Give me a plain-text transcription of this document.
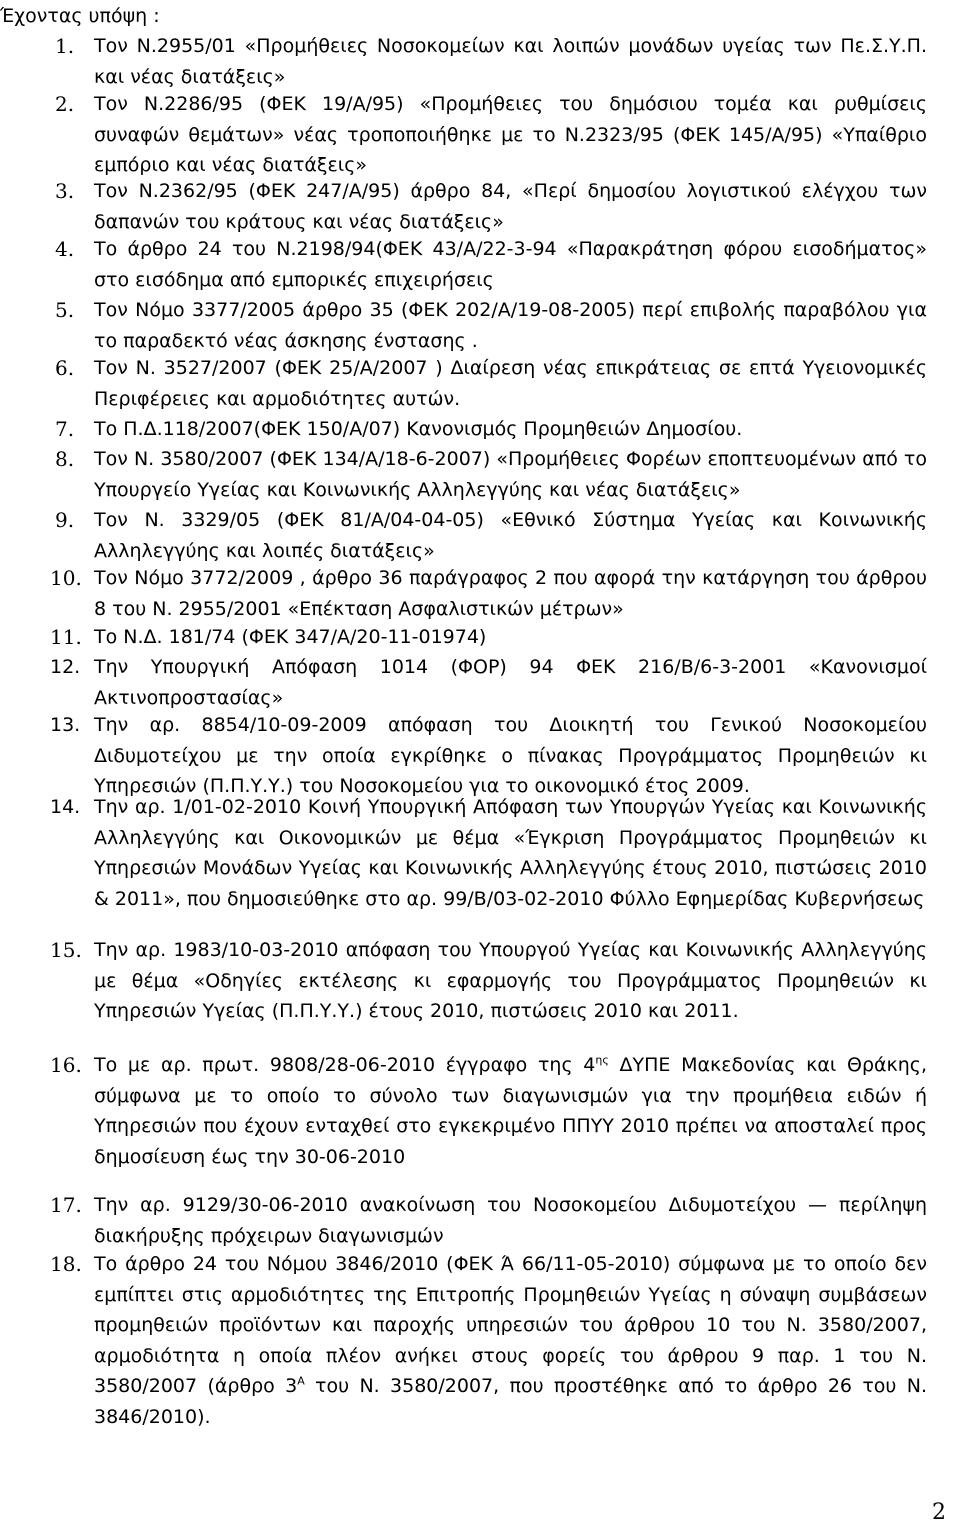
Έχοντας υπόψη :

1.	Τον Ν.2955/01 «Προμήθειες Νοσοκομείων και λοιπών μονάδων υγείας των Πε.Σ.Υ.Π. και νέας διατάξεις»

2.	Τον Ν.2286/95 (ΦΕΚ 19/Α/95) «Προμήθειες του δημόσιου τομέα και ρυθμίσεις συναφών θεμάτων» νέας τροποποιήθηκε με το Ν.2323/95 (ΦΕΚ 145/Α/95) «Υπαίθριο εμπόριο και νέας διατάξεις»

3.	Τον Ν.2362/95 (ΦΕΚ 247/Α/95) άρθρο 84, «Περί δημοσίου λογιστικού ελέγχου των δαπανών του κράτους και νέας διατάξεις»

4.	Το άρθρο 24 του Ν.2198/94(ΦΕΚ 43/Α/22-3-94 «Παρακράτηση φόρου εισοδήματος» στο εισόδημα από εμπορικές επιχειρήσεις

5.	Τον Νόμο 3377/2005 άρθρο 35 (ΦΕΚ 202/Α/19-08-2005) περί επιβολής παραβόλου για το παραδεκτό νέας άσκησης ένστασης .

6.	Τον Ν. 3527/2007 (ΦΕΚ 25/Α/2007 ) Διαίρεση νέας επικράτειας σε επτά Υγειονομικές Περιφέρειες και αρμοδιότητες αυτών.

7.	Το Π.Δ.118/2007(ΦΕΚ 150/Α/07) Κανονισμός Προμηθειών Δημοσίου.

8.	Τον Ν. 3580/2007 (ΦΕΚ 134/Α/18-6-2007) «Προμήθειες Φορέων εποπτευομένων από το Υπουργείο Υγείας και Κοινωνικής Αλληλεγγύης και νέας διατάξεις»

9.	Τον Ν. 3329/05 (ΦΕΚ 81/Α/04-04-05) «Εθνικό Σύστημα Υγείας και Κοινωνικής Αλληλεγγύης και λοιπές διατάξεις»

10. Τον Νόμο 3772/2009 , άρθρο 36 παράγραφος 2 που αφορά την κατάργηση του άρθρου 8 του Ν. 2955/2001 «Επέκταση Ασφαλιστικών μέτρων»

11. Το Ν.Δ. 181/74 (ΦΕΚ 347/Α/20-11-01974)

12. Την Υπουργική Απόφαση 1014 (ΦΟΡ) 94 ΦΕΚ 216/Β/6-3-2001 «Κανονισμοί Ακτινοπροστασίας»

13. Την αρ. 8854/10-09-2009 απόφαση του Διοικητή του Γενικού Νοσοκομείου Διδυμοτείχου με την οποία εγκρίθηκε ο πίνακας Προγράμματος Προμηθειών κι Υπηρεσιών (Π.Π.Υ.Υ.) του Νοσοκομείου για το οικονομικό έτος 2009.

14. Την αρ. 1/01-02-2010 Κοινή Υπουργική Απόφαση των Υπουργών Υγείας και Κοινωνικής Αλληλεγγύης και Οικονομικών με θέμα «Έγκριση Προγράμματος Προμηθειών κι Υπηρεσιών Μονάδων Υγείας και Κοινωνικής Αλληλεγγύης έτους 2010, πιστώσεις 2010 & 2011», που δημοσιεύθηκε στο αρ. 99/Β/03-02-2010 Φύλλο Εφημερίδας Κυβερνήσεως

15. Την αρ. 1983/10-03-2010 απόφαση του Υπουργού Υγείας και Κοινωνικής Αλληλεγγύης με θέμα «Οδηγίες εκτέλεσης κι εφαρμογής του Προγράμματος Προμηθειών κι Υπηρεσιών Υγείας (Π.Π.Υ.Υ.) έτους 2010, πιστώσεις 2010 και 2011.

16. Το με αρ. πρωτ. 9808/28-06-2010 έγγραφο της $4^{\eta\varsigma}$ ΔΥΠΕ Μακεδονίας και Θράκης, σύμφωνα με το οποίο το σύνολο των διαγωνισμών για την προμήθεια ειδών ή Υπηρεσιών που έχουν ενταχθεί στο εγκεκριμένο ΠΠΥΥ 2010 πρέπει να αποσταλεί προς δημοσίευση έως την 30-06-2010

17. Την αρ. 9129/30-06-2010 ανακοίνωση του Νοσοκομείου Διδυμοτείχου — περίληψη διακήρυξης πρόχειρων διαγωνισμών

18. Το άρθρο 24 του Νόμου 3846/2010 (ΦΕΚ Ά 66/11-05-2010) σύμφωνα με το οποίο δεν εμπίπτει στις αρμοδιότητες της Επιτροπής Προμηθειών Υγείας η σύναψη συμβάσεων προμηθειών προϊόντων και παροχής υπηρεσιών του άρθρου 10 του Ν. 3580/2007, αρμοδιότητα η οποία πλέον ανήκει στους φορείς του άρθρου 9 παρ. 1 του Ν. 3580/2007 (άρθρο $3^A$ του Ν. 3580/2007, που προστέθηκε από το άρθρο 26 του Ν. 3846/2010).

2
